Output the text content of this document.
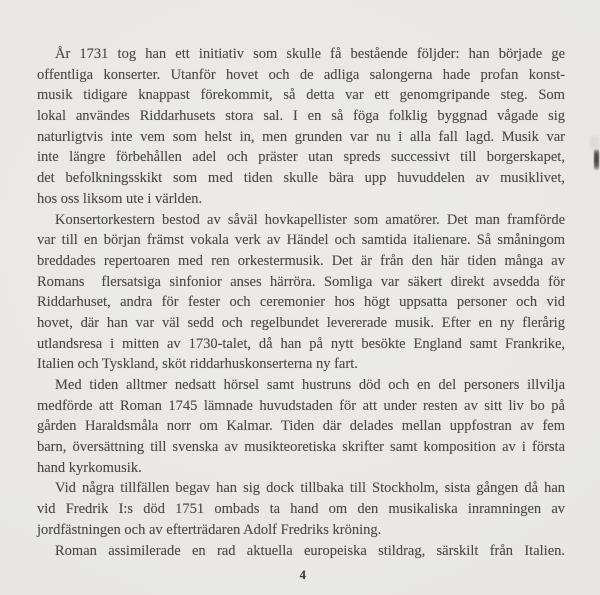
År 1731 tog han ett initiativ som skulle få bestående följder: han började ge
offentliga konserter. Utanför hovet och de adliga salongerna hade profan konst-
musik tidigare knappast förekommit, så detta var ett genomgripande steg. Som
lokal användes Riddarhusets stora sal. I en så föga folklig byggnad vågade sig
naturligtvis inte vem som helst in, men grunden var nu i alla fall lagd. Musik var
inte längre förbehållen adel och präster utan spreds successivt till borgerskapet,
det befolkningsskikt som med tiden skulle bära upp huvuddelen av musiklivet,
hos oss liksom ute i världen.
Konsertorkestern bestod av såväl hovkapellister som amatörer. Det man framförde
var till en början främst vokala verk av Händel och samtida italienare. Så småningom
breddades repertoaren med ren orkestermusik. Det är från den här tiden många av
Romans  flersatsiga sinfonior anses härröra. Somliga var säkert direkt avsedda för
Riddarhuset, andra för fester och ceremonier hos högt uppsatta personer och vid
hovet, där han var väl sedd och regelbundet levererade musik. Efter en ny flerårig
utlandsresa i mitten av 1730-talet, då han på nytt besökte England samt Frankrike,
Italien och Tyskland, sköt riddarhuskonserterna ny fart.
Med tiden alltmer nedsatt hörsel samt hustruns död och en del personers illvilja
medförde att Roman 1745 lämnade huvudstaden för att under resten av sitt liv bo på
gården Haraldsmåla norr om Kalmar. Tiden där delades mellan uppfostran av fem
barn, översättning till svenska av musikteoretiska skrifter samt komposition av i första
hand kyrkomusik.
Vid några tillfällen begav han sig dock tillbaka till Stockholm, sista gången då han
vid Fredrik I:s död 1751 ombads ta hand om den musikaliska inramningen av
jordfästningen och av efterträdaren Adolf Fredriks kröning.
Roman assimilerade en rad aktuella europeiska stildrag, särskilt från Italien.
4
